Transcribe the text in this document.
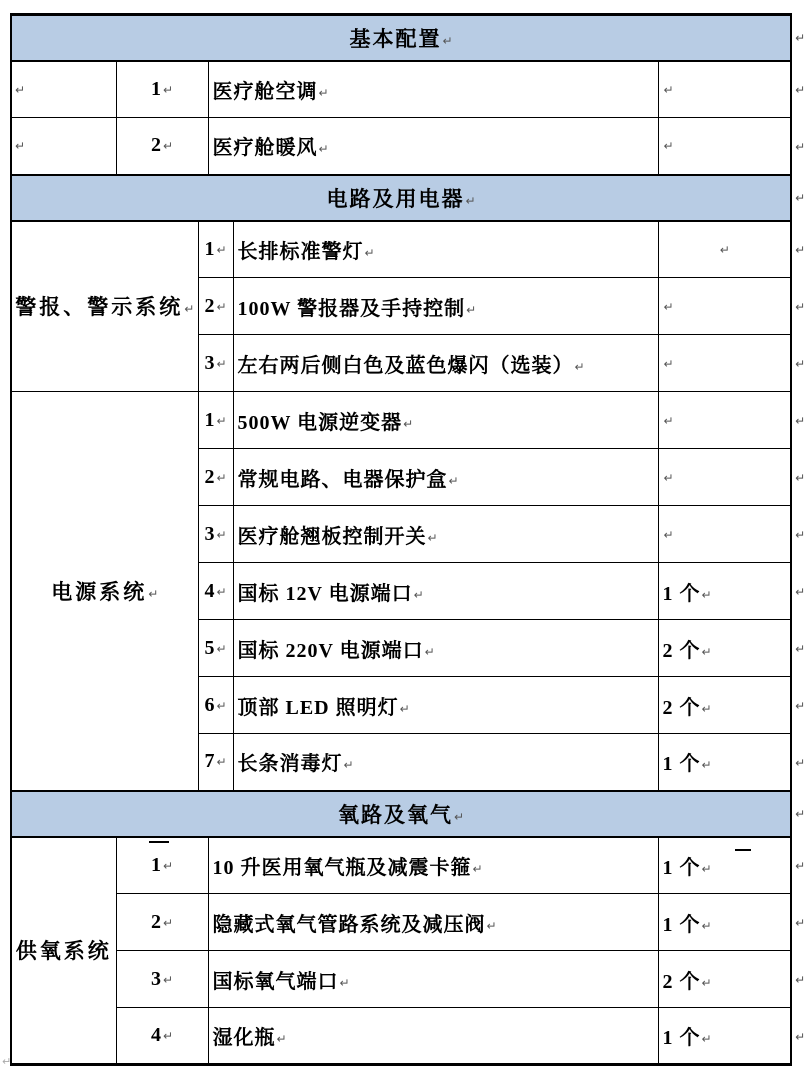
基本配置↵						↵
↵	1↵		医疗舱空调↵		↵	↵
↵	2↵		医疗舱暖风↵		↵	↵
电路及用电器↵						↵
警报、警示系统↵		1↵		长排标准警灯↵	↵	↵
		2↵		100W 警报器及手持控制↵	↵	↵
		3↵		左右两后侧白色及蓝色爆闪（选装）↵	↵	↵
电源系统↵		1↵		500W 电源逆变器↵	↵	↵
		2↵		常规电路、电器保护盒↵	↵	↵
		3↵		医疗舱翘板控制开关↵	↵	↵
		4↵		国标 12V 电源端口↵	1 个↵	↵
		5↵		国标 220V 电源端口↵	2 个↵	↵
		6↵		顶部 LED 照明灯↵	2 个↵	↵
		7↵		长条消毒灯↵	1 个↵	↵
氧路及氧气↵						↵
供氧系统	1↵		10 升医用氧气瓶及减震卡箍↵		1 个↵	↵
	2↵		隐藏式氧气管路系统及减压阀↵		1 个↵	↵
	3↵		国标氧气端口↵		2 个↵	↵
	4↵		湿化瓶↵		1 个↵	↵
↵
